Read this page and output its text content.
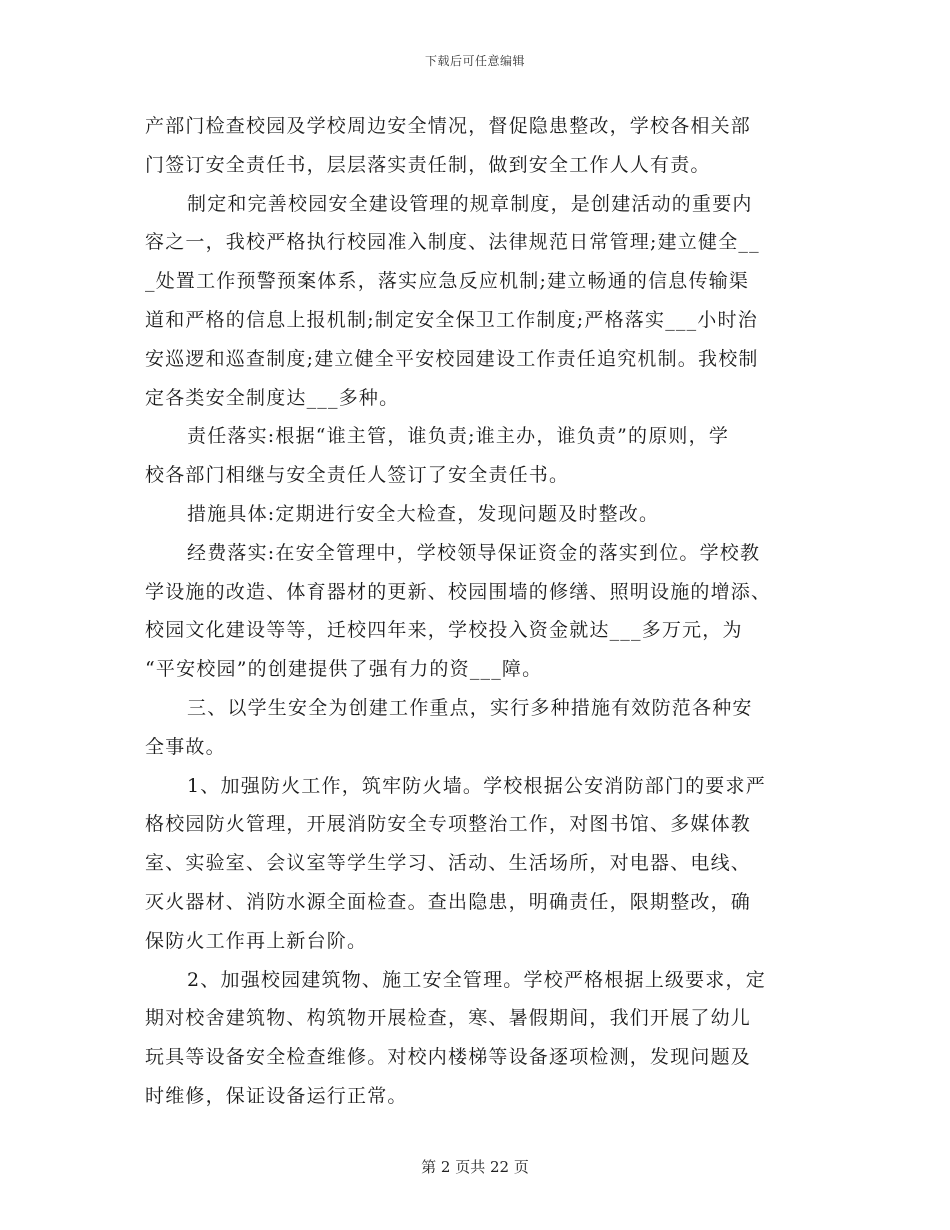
下载后可任意编辑
产部门检查校园及学校周边安全情况，督促隐患整改，学校各相关部
门签订安全责任书，层层落实责任制，做到安全工作人人有责。
制定和完善校园安全建设管理的规章制度，是创建活动的重要内
容之一，我校严格执行校园准入制度、法律规范日常管理;建立健全__
_处置工作预警预案体系，落实应急反应机制;建立畅通的信息传输渠
道和严格的信息上报机制;制定安全保卫工作制度;严格落实___小时治
安巡逻和巡查制度;建立健全平安校园建设工作责任追究机制。我校制
定各类安全制度达___多种。
责任落实:根据“谁主管，谁负责;谁主办，谁负责”的原则，学
校各部门相继与安全责任人签订了安全责任书。
措施具体:定期进行安全大检查，发现问题及时整改。
经费落实:在安全管理中，学校领导保证资金的落实到位。学校教
学设施的改造、体育器材的更新、校园围墙的修缮、照明设施的增添、
校园文化建设等等，迁校四年来，学校投入资金就达___多万元，为
“平安校园”的创建提供了强有力的资___障。
三、以学生安全为创建工作重点，实行多种措施有效防范各种安
全事故。
1、加强防火工作，筑牢防火墙。学校根据公安消防部门的要求严
格校园防火管理，开展消防安全专项整治工作，对图书馆、多媒体教
室、实验室、会议室等学生学习、活动、生活场所，对电器、电线、
灭火器材、消防水源全面检查。查出隐患，明确责任，限期整改，确
保防火工作再上新台阶。
2、加强校园建筑物、施工安全管理。学校严格根据上级要求，定
期对校舍建筑物、构筑物开展检查，寒、暑假期间，我们开展了幼儿
玩具等设备安全检查维修。对校内楼梯等设备逐项检测，发现问题及
时维修，保证设备运行正常。
第 2 页共 22 页
